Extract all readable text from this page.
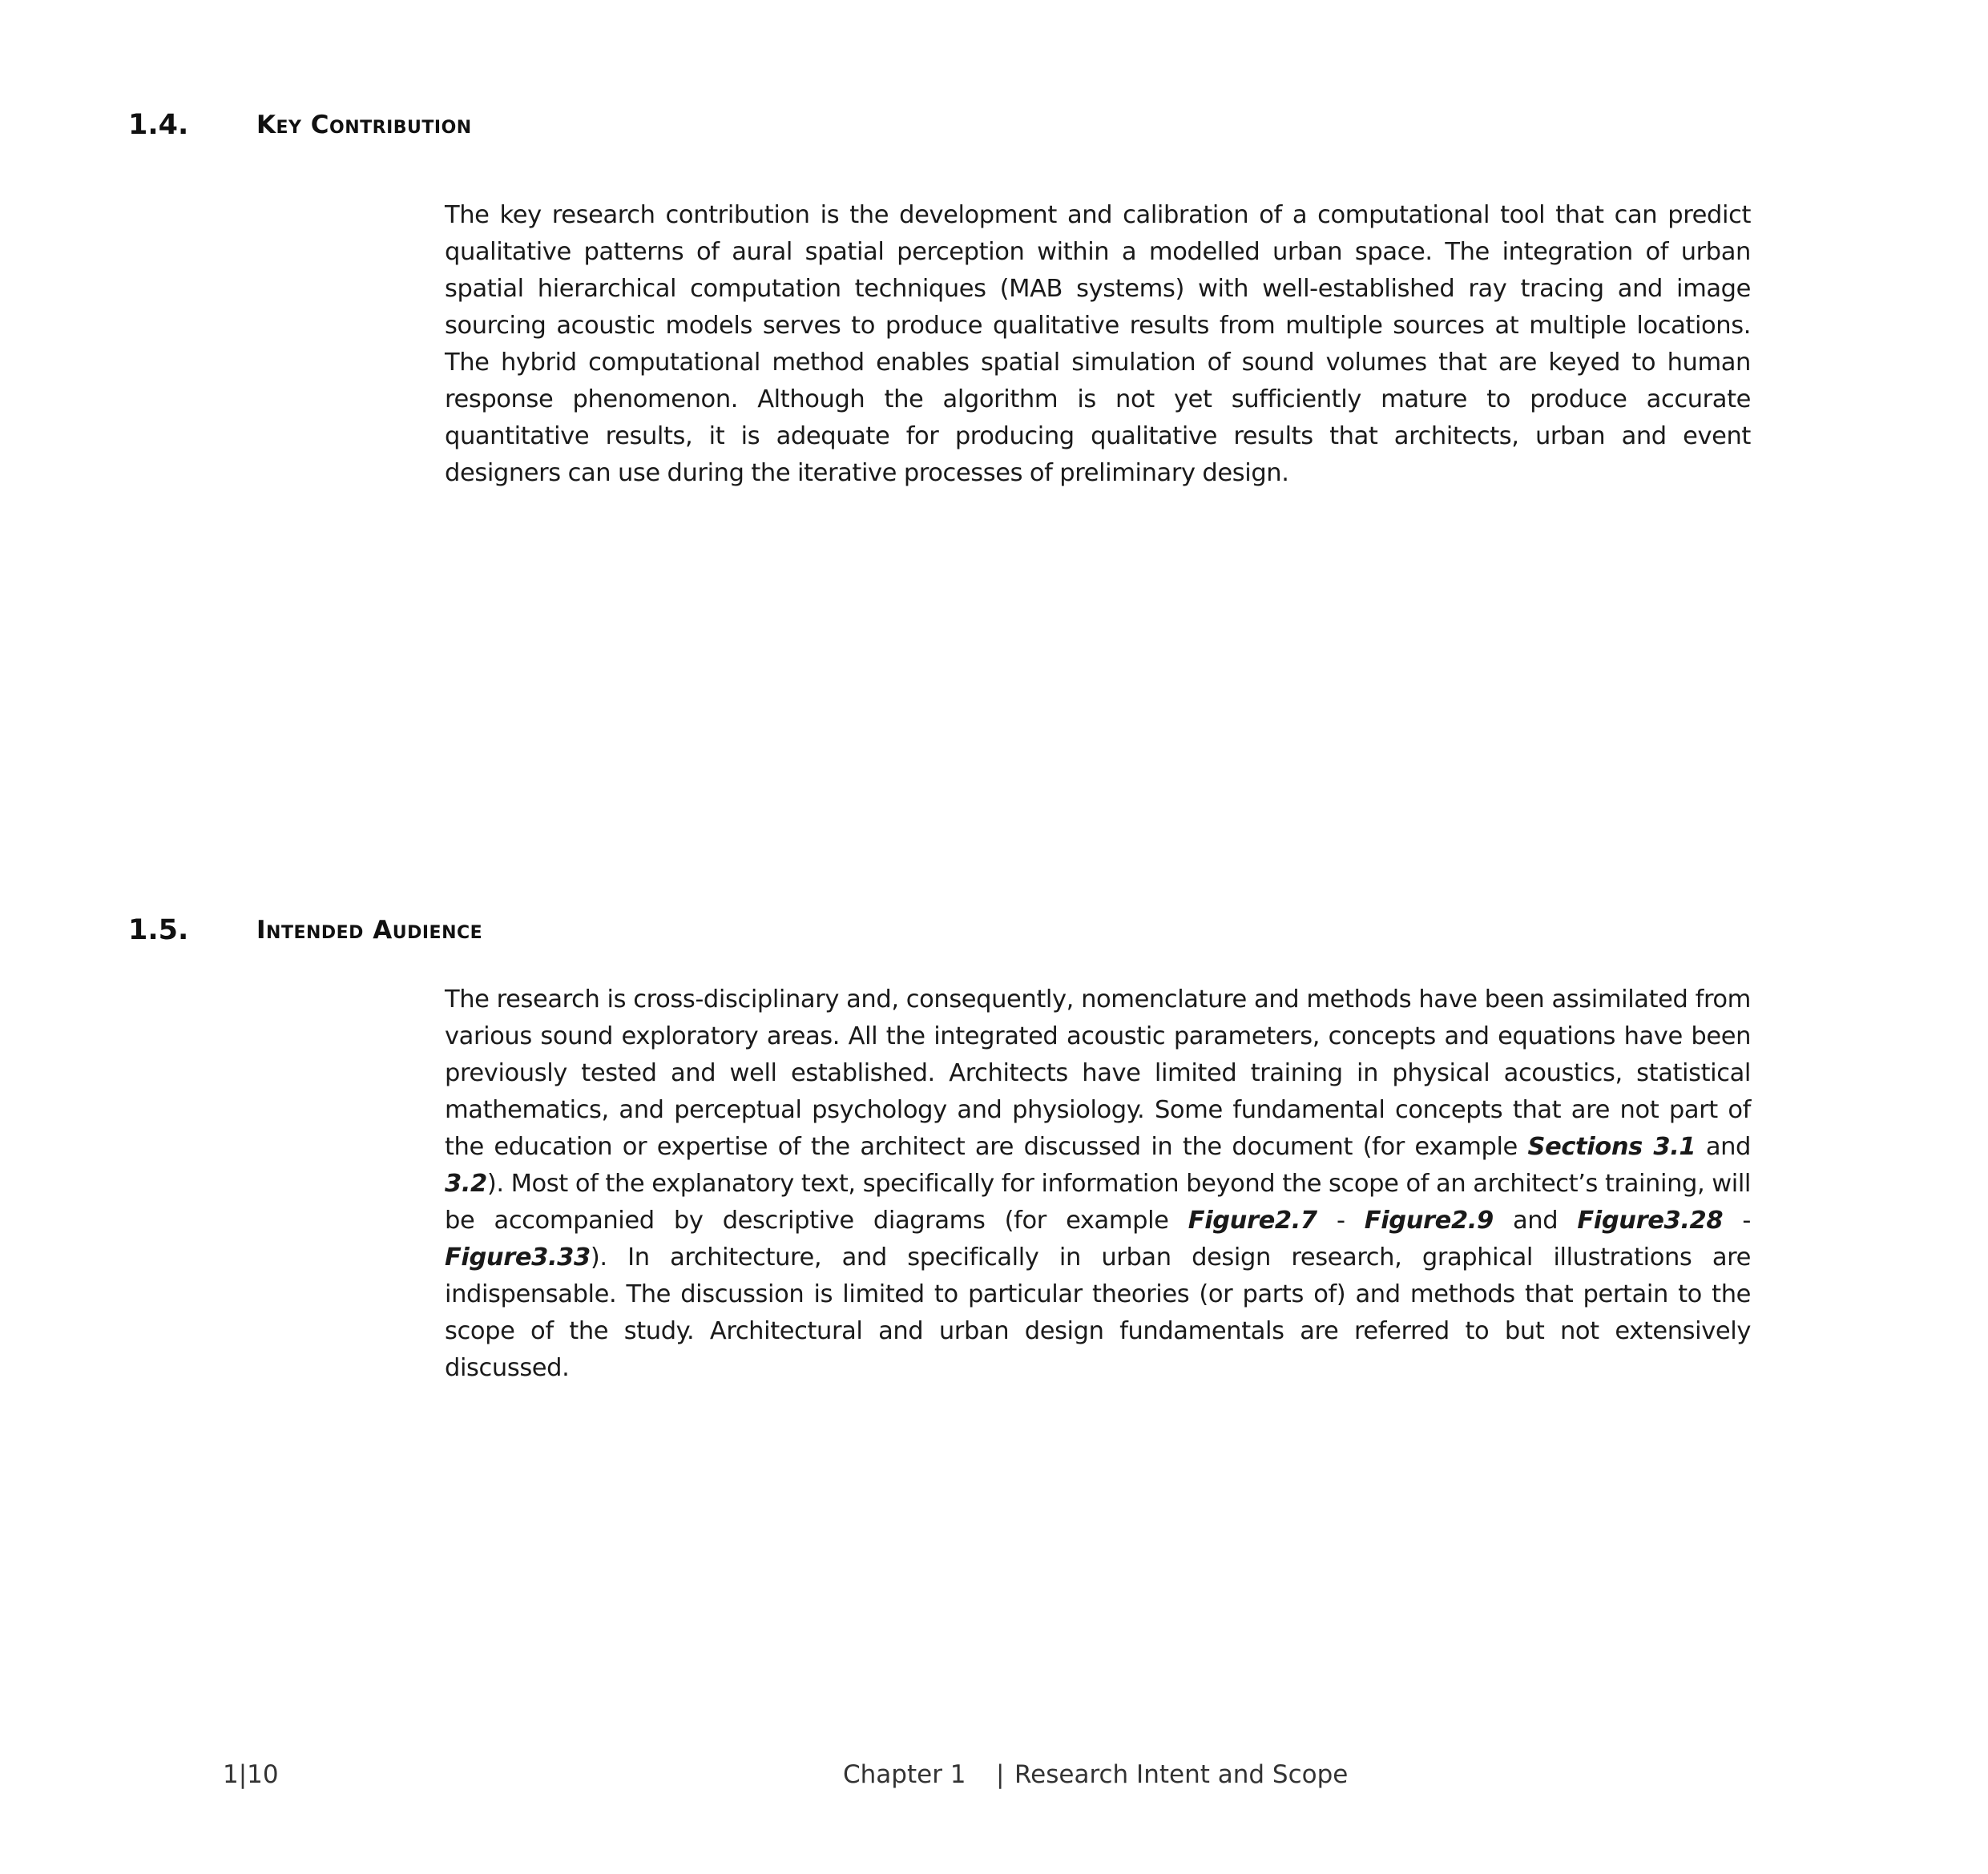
1.4.	Key Contribution

The key research contribution is the development and calibration of a computational tool that can predict qualitative patterns of aural spatial perception within a modelled urban space. The integration of urban spatial hierarchical computation techniques (MAB systems) with well-established ray tracing and image sourcing acoustic models serves to produce qualitative results from multiple sources at multiple locations. The hybrid computational method enables spatial simulation of sound volumes that are keyed to human response phenomenon. Although the algorithm is not yet sufficiently mature to produce accurate quantitative results, it is adequate for producing qualitative results that architects, urban and event designers can use during the iterative processes of preliminary design.

1.5.	Intended Audience

The research is cross-disciplinary and, consequently, nomenclature and methods have been assimilated from various sound exploratory areas. All the integrated acoustic parameters, concepts and equations have been previously tested and well established. Architects have limited training in physical acoustics, statistical mathematics, and perceptual psychology and physiology. Some fundamental concepts that are not part of the education or expertise of the architect are discussed in the document (for example Sections 3.1 and 3.2). Most of the explanatory text, specifically for information beyond the scope of an architect’s training, will be accompanied by descriptive diagrams (for example Figure2.7 - Figure2.9 and Figure3.28 - Figure3.33). In architecture, and specifically in urban design research, graphical illustrations are indispensable. The discussion is limited to particular theories (or parts of) and methods that pertain to the scope of the study. Architectural and urban design fundamentals are referred to but not extensively discussed.

1|10	Chapter 1 | Research Intent and Scope
